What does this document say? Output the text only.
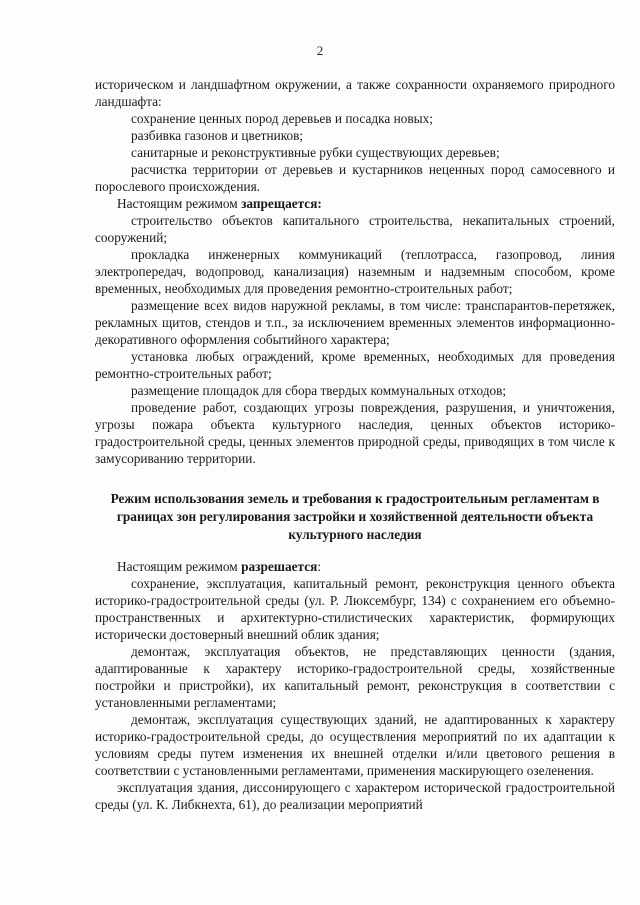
2

историческом и ландшафтном окружении, а также сохранности охраняемого природного ландшафта:

сохранение ценных пород деревьев и посадка новых;

разбивка газонов и цветников;

санитарные и реконструктивные рубки существующих деревьев;

расчистка территории от деревьев и кустарников неценных пород самосевного и порослевого происхождения.

Настоящим режимом запрещается:

строительство объектов капитального строительства, некапитальных строений, сооружений;

прокладка инженерных коммуникаций (теплотрасса, газопровод, линия электропередач, водопровод, канализация) наземным и надземным способом, кроме временных, необходимых для проведения ремонтно-строительных работ;

размещение всех видов наружной рекламы, в том числе: транспарантов-перетяжек, рекламных щитов, стендов и т.п., за исключением временных элементов информационно-декоративного оформления событийного характера;

установка любых ограждений, кроме временных, необходимых для проведения ремонтно-строительных работ;

размещение площадок для сбора твердых коммунальных отходов;

проведение работ, создающих угрозы повреждения, разрушения, и уничтожения, угрозы пожара объекта культурного наследия, ценных объектов историко-градостроительной среды, ценных элементов природной среды, приводящих в том числе к замусориванию территории.

Режим использования земель и требования к градостроительным регламентам в границах зон регулирования застройки и хозяйственной деятельности объекта культурного наследия

Настоящим режимом разрешается:

сохранение, эксплуатация, капитальный ремонт, реконструкция ценного объекта историко-градостроительной среды (ул. Р. Люксембург, 134) с сохранением его объемно-пространственных и архитектурно-стилистических характеристик, формирующих исторически достоверный внешний облик здания;

демонтаж, эксплуатация объектов, не представляющих ценности (здания, адаптированные к характеру историко-градостроительной среды, хозяйственные постройки и пристройки), их капитальный ремонт, реконструкция в соответствии с установленными регламентами;

демонтаж, эксплуатация существующих зданий, не адаптированных к характеру историко-градостроительной среды, до осуществления мероприятий по их адаптации к условиям среды путем изменения их внешней отделки и/или цветового решения в соответствии с установленными регламентами, применения маскирующего озеленения.

эксплуатация здания, диссонирующего с характером исторической градостроительной среды (ул. К. Либкнехта, 61), до реализации мероприятий
